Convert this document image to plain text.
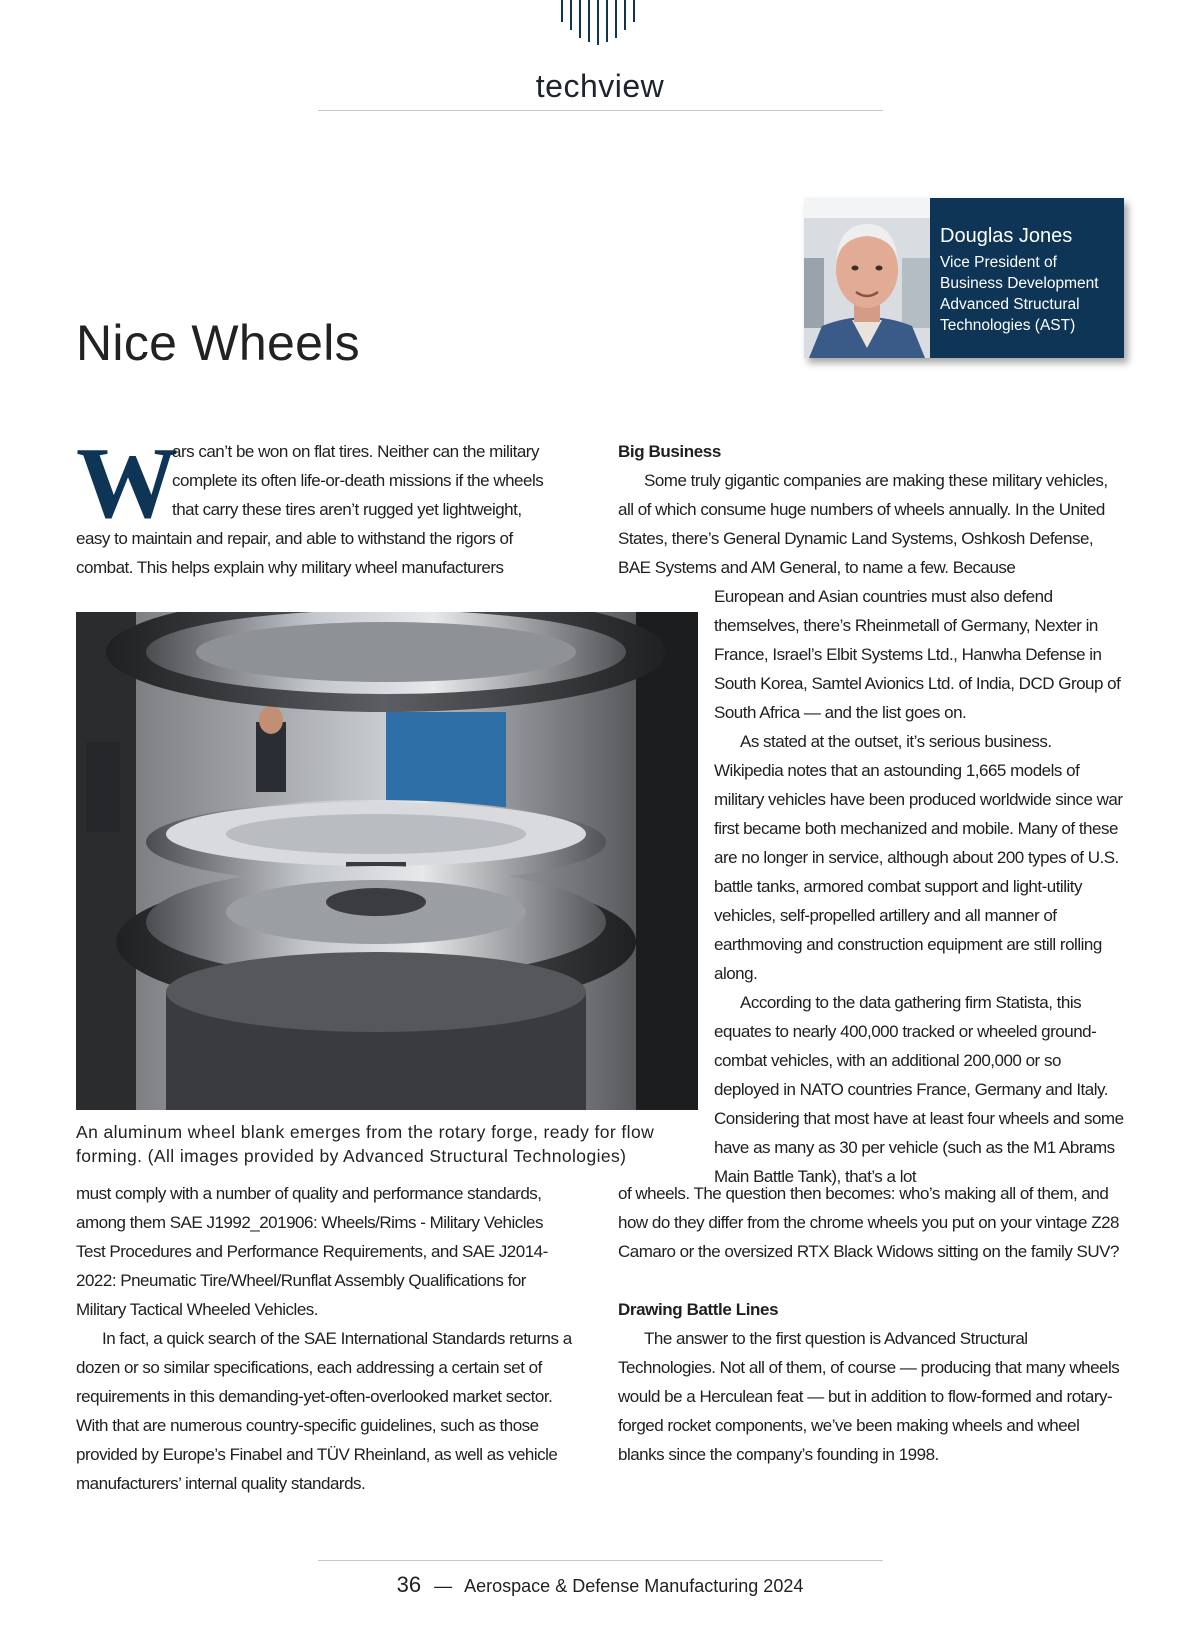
techview
Nice Wheels
Douglas Jones
Vice President of
Business Development
Advanced Structural
Technologies (AST)
W
ars can’t be won on flat tires. Neither can the military
complete its often life-or-death missions if the wheels
that carry these tires aren’t rugged yet lightweight,
easy to maintain and repair, and able to withstand the rigors of
combat. This helps explain why military wheel manufacturers
An aluminum wheel blank emerges from the rotary forge, ready for flow forming. (All images provided by Advanced Structural Technologies)

must comply with a number of quality and performance standards, among them SAE J1992_201906: Wheels/Rims - Military Vehicles Test Procedures and Performance Requirements, and SAE J2014-2022: Pneumatic Tire/Wheel/Runflat Assembly Qualifications for Military Tactical Wheeled Vehicles.

In fact, a quick search of the SAE International Standards returns a dozen or so similar specifications, each addressing a certain set of requirements in this demanding-yet-often-overlooked market sector. With that are numerous country-specific guidelines, such as those provided by Europe’s Finabel and TÜV Rheinland, as well as vehicle manufacturers’ internal quality standards.

Big Business

Some truly gigantic companies are making these military vehicles, all of which consume huge numbers of wheels annually. In the United States, there’s General Dynamic Land Systems, Oshkosh Defense, BAE Systems and AM General, to name a few. Because

European and Asian countries must also defend themselves, there’s Rheinmetall of Germany, Nexter in France, Israel’s Elbit Systems Ltd., Hanwha Defense in South Korea, Samtel Avionics Ltd. of India, DCD Group of South Africa — and the list goes on.

As stated at the outset, it’s serious business. Wikipedia notes that an astounding 1,665 models of military vehicles have been produced worldwide since war first became both mechanized and mobile. Many of these are no longer in service, although about 200 types of U.S. battle tanks, armored combat support and light-utility vehicles, self-propelled artillery and all manner of earthmoving and construction equipment are still rolling along.

According to the data gathering firm Statista, this equates to nearly 400,000 tracked or wheeled ground-combat vehicles, with an additional 200,000 or so deployed in NATO countries France, Germany and Italy. Considering that most have at least four wheels and some have as many as 30 per vehicle (such as the M1 Abrams Main Battle Tank), that’s a lot

of wheels. The question then becomes: who’s making all of them, and how do they differ from the chrome wheels you put on your vintage Z28 Camaro or the oversized RTX Black Widows sitting on the family SUV?

Drawing Battle Lines

The answer to the first question is Advanced Structural Technologies. Not all of them, of course — producing that many wheels would be a Herculean feat — but in addition to flow-formed and rotary-forged rocket components, we’ve been making wheels and wheel blanks since the company’s founding in 1998.

36 — Aerospace & Defense Manufacturing 2024
